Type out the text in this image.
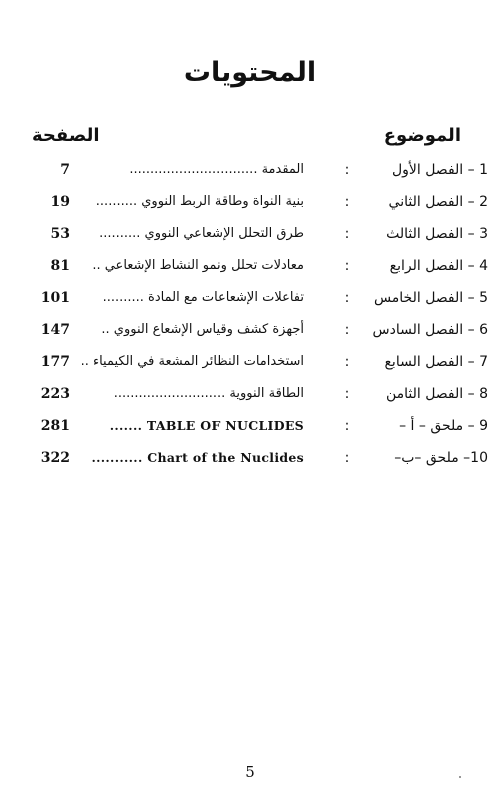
المحتويات
الموضوع
الصفحة
1 – الفصل الأول
:
المقدمة ...............................
7
2 – الفصل الثاني
:
بنية النواة وطاقة الربط النووي ..........
19
3 – الفصل الثالث
:
طرق التحلل الإشعاعي النووي ..........
53
4 – الفصل الرابع
:
معادلات تحلل ونمو النشاط الإشعاعي ..
81
5 – الفصل الخامس
:
تفاعلات الإشعاعات مع المادة ..........
101
6 – الفصل السادس
:
أجهزة كشف وقياس الإشعاع النووي ..
147
7 – الفصل السابع
:
استخدامات النظائر المشعة في الكيمياء ..
177
8 – الفصل الثامن
:
الطاقة النووية ...........................
223
9 – ملحق – أ –
:
....... TABLE OF NUCLIDES
281
10– ملحق –ب–
:
........... Chart of the Nuclides
322
5
